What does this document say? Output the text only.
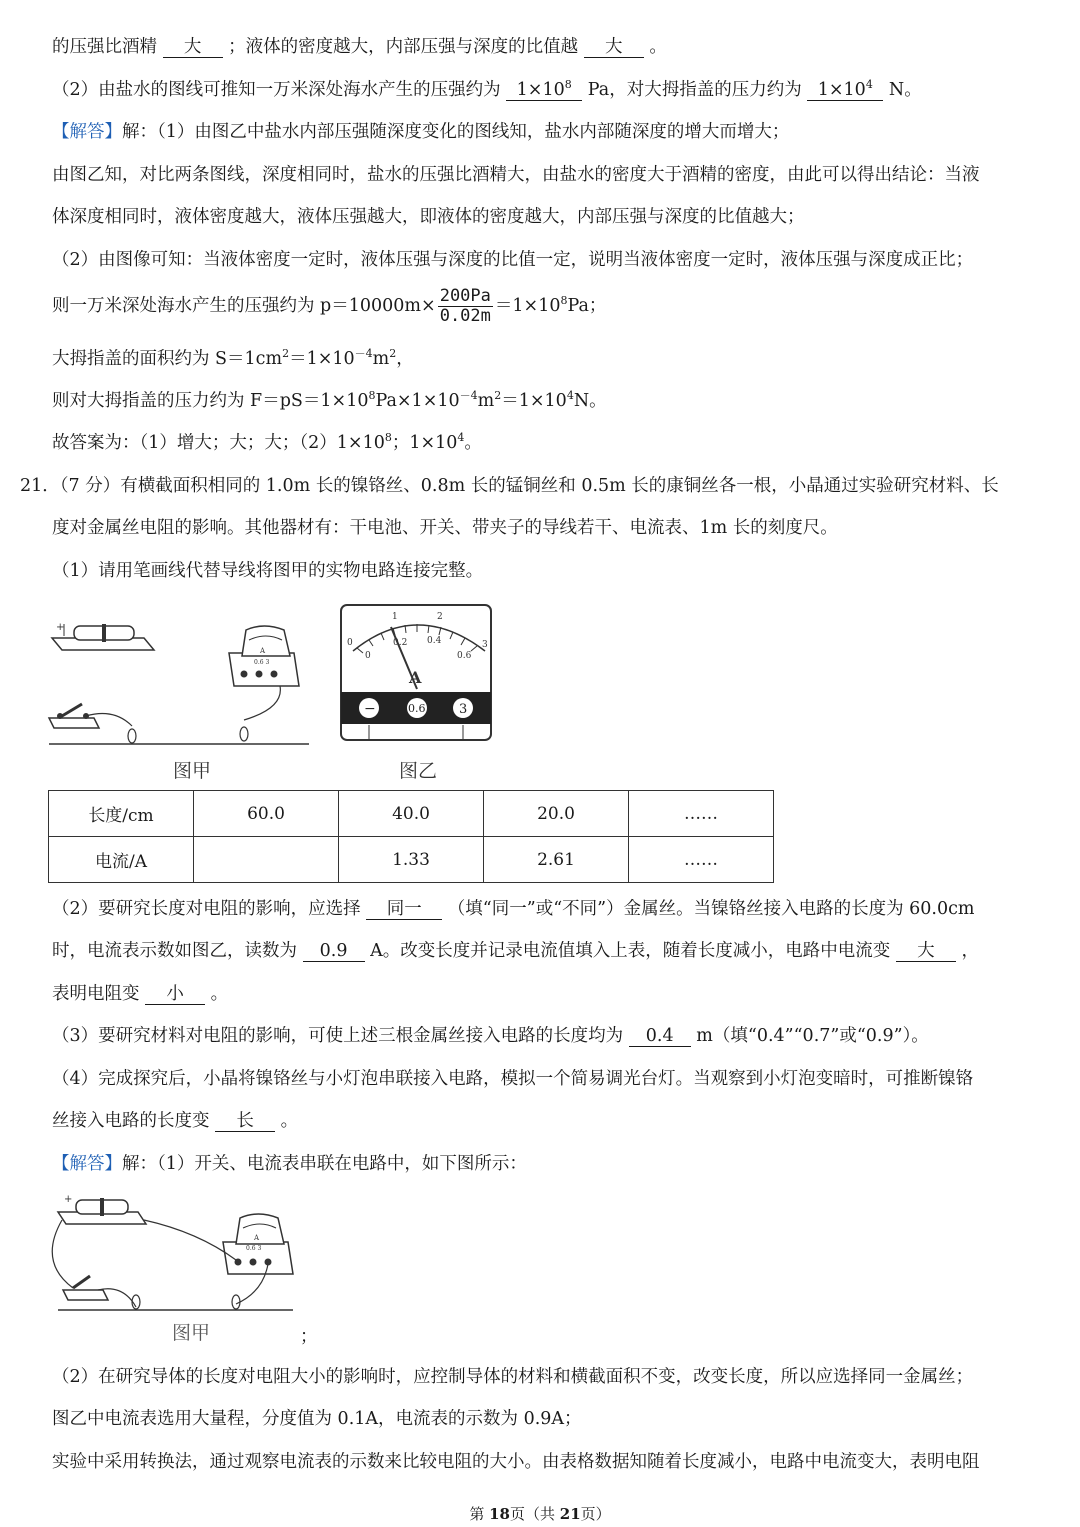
的压强比酒精 大 ；液体的密度越大，内部压强与深度的比值越 大 。
（2）由盐水的图线可推知一万米深处海水产生的压强约为 $1\times 10^8$ Pa，对大拇指盖的压力约为 $1\times 10^4$ N。
【解答】解：（1）由图乙中盐水内部压强随深度变化的图线知，盐水内部随深度的增大而增大；
由图乙知，对比两条图线，深度相同时，盐水的压强比酒精大，由盐水的密度大于酒精的密度，由此可以得出结论：当液
体深度相同时，液体密度越大，液体压强越大，即液体的密度越大，内部压强与深度的比值越大；
（2）由图像可知：当液体密度一定时，液体压强与深度的比值一定，说明当液体密度一定时，液体压强与深度成正比；
则一万米深处海水产生的压强约为 $p=10000m\times \frac{200Pa}{0.02m} =1\times 10^8Pa$；
大拇指盖的面积约为 $S=1cm^2=1\times 10^{-4}m^2$，
则对大拇指盖的压力约为 $F=pS=1\times 10^8Pa\times 1\times 10^{-4}m^2=1\times 10^4N$。
故答案为：（1）增大；大；大；$(2)1\times 10^8$；$1\times 10^4$。
21．（7 分）有横截面积相同的 1.0m 长的镍铬丝、0.8m 长的锰铜丝和 0.5m 长的康铜丝各一根，小晶通过实验研究材料、长
度对金属丝电阻的影响。其他器材有：干电池、开关、带夹子的导线若干、电流表、1m 长的刻度尺。
（1）请用笔画线代替导线将图甲的实物电路连接完整。
+
A
0.6 3
图甲
0
1	2
3
0
0.2 0.4
0.6
A
−	0.6	3
图乙
长度/cm	60.0	40.0	20.0	……
电流/A		1.33	2.61	……
（2）要研究长度对电阻的影响，应选择 同一 （填“同一”或“不同”）金属丝。当镍铬丝接入电路的长度为 60.0cm
时，电流表示数如图乙，读数为 0.9 A。改变长度并记录电流值填入上表，随着长度减小，电路中电流变 大 ，
表明电阻变 小 。
（3）要研究材料对电阻的影响，可使上述三根金属丝接入电路的长度均为 0.4 m（填“0.4”“0.7”或“0.9”）。
（4）完成探究后，小晶将镍铬丝与小灯泡串联接入电路，模拟一个简易调光台灯。当观察到小灯泡变暗时，可推断镍铬
丝接入电路的长度变 长 。
【解答】解：（1）开关、电流表串联在电路中，如下图所示：
+
A
0.6 3
图甲	；
（2）在研究导体的长度对电阻大小的影响时，应控制导体的材料和横截面积不变，改变长度，所以应选择同一金属丝；
图乙中电流表选用大量程，分度值为 0.1A，电流表的示数为 0.9A；
实验中采用转换法，通过观察电流表的示数来比较电阻的大小。由表格数据知随着长度减小，电路中电流变大，表明电阻
第 18页（共 21页）
